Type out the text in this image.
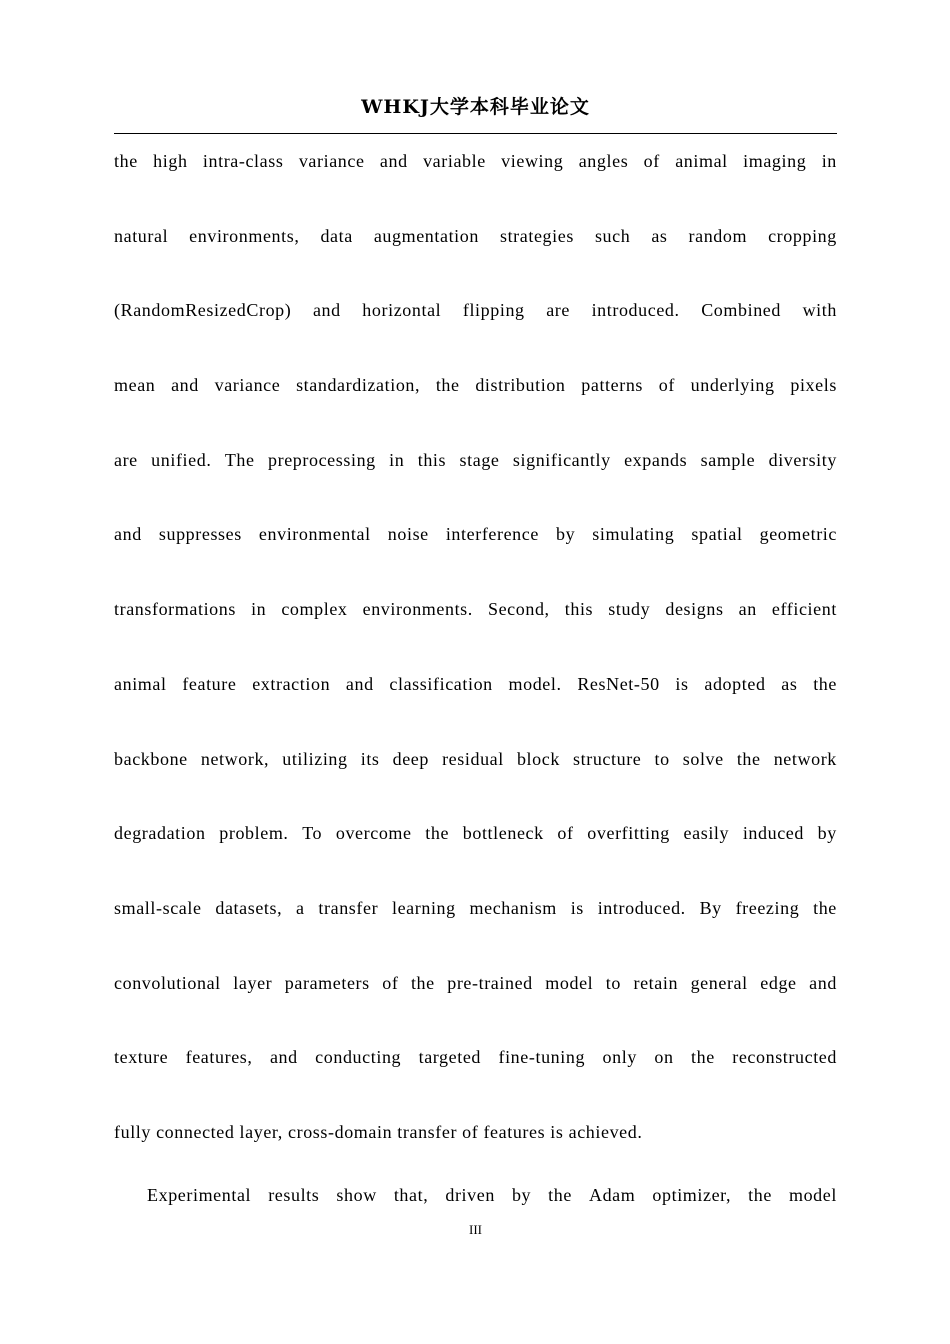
WHKJ大学本科毕业论文
the high intra-class variance and variable viewing angles of animal imaging in
natural environments, data augmentation strategies such as random cropping
(RandomResizedCrop) and horizontal flipping are introduced. Combined with
mean and variance standardization, the distribution patterns of underlying pixels
are unified. The preprocessing in this stage significantly expands sample diversity
and suppresses environmental noise interference by simulating spatial geometric
transformations in complex environments. Second, this study designs an efficient
animal feature extraction and classification model. ResNet-50 is adopted as the
backbone network, utilizing its deep residual block structure to solve the network
degradation problem. To overcome the bottleneck of overfitting easily induced by
small-scale datasets, a transfer learning mechanism is introduced. By freezing the
convolutional layer parameters of the pre-trained model to retain general edge and
texture features, and conducting targeted fine-tuning only on the reconstructed
fully connected layer, cross-domain transfer of features is achieved.
Experimental results show that, driven by the Adam optimizer, the model
III
